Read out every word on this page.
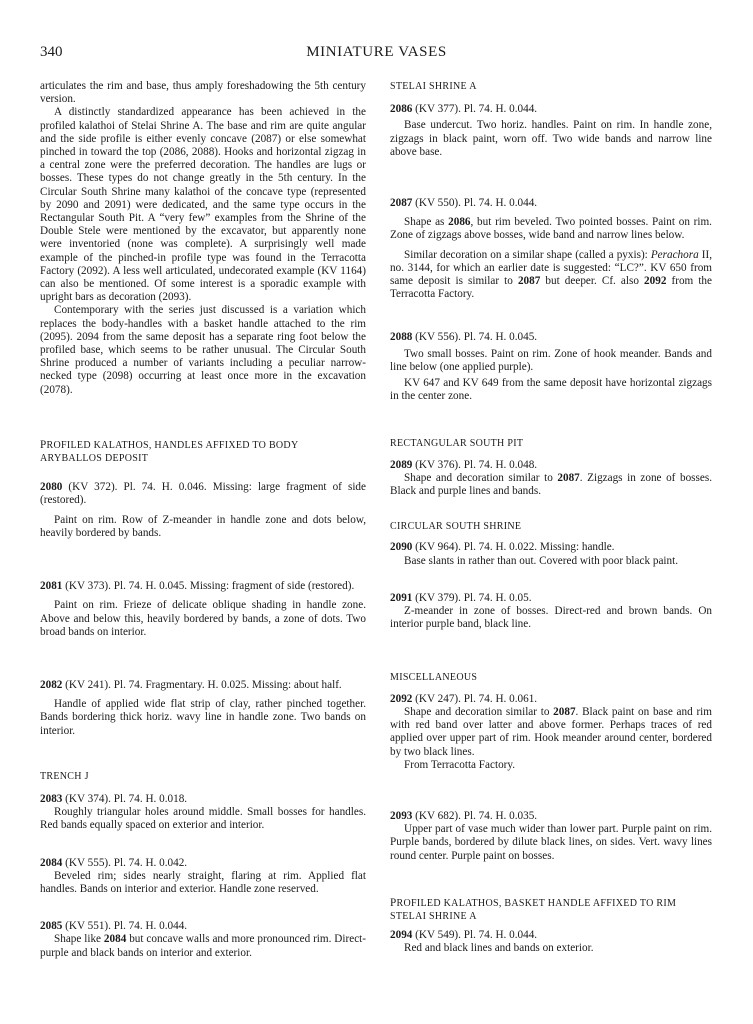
340	MINIATURE VASES

articulates the rim and base, thus amply foreshadowing the 5th century version.

A distinctly standardized appearance has been achieved in the profiled kalathoi of Stelai Shrine A. The base and rim are quite angular and the side profile is either evenly concave (2087) or else somewhat pinched in toward the top (2086, 2088). Hooks and horizontal zigzag in a central zone were the preferred decoration. The handles are lugs or bosses. These types do not change greatly in the 5th century. In the Circular South Shrine many kalathoi of the concave type (represented by 2090 and 2091) were dedicated, and the same type occurs in the Rectangular South Pit. A “very few” examples from the Shrine of the Double Stele were mentioned by the excavator, but apparently none were inventoried (none was complete). A surprisingly well made example of the pinched-in profile type was found in the Terracotta Factory (2092). A less well articulated, undecorated example (KV 1164) can also be mentioned. Of some interest is a sporadic example with upright bars as decoration (2093).

Contemporary with the series just discussed is a variation which replaces the body-handles with a basket handle attached to the rim (2095). 2094 from the same deposit has a separate ring foot below the profiled base, which seems to be rather unusual. The Circular South Shrine produced a number of variants including a peculiar narrow-necked type (2098) occurring at least once more in the excavation (2078).

PROFILED KALATHOS, HANDLES AFFIXED TO BODY

ARYBALLOS DEPOSIT

2080 (KV 372). Pl. 74. H. 0.046. Missing: large fragment of side (restored).

Paint on rim. Row of Z-meander in handle zone and dots below, heavily bordered by bands.

2081 (KV 373). Pl. 74. H. 0.045. Missing: fragment of side (restored).

Paint on rim. Frieze of delicate oblique shading in handle zone. Above and below this, heavily bordered by bands, a zone of dots. Two broad bands on interior.

2082 (KV 241). Pl. 74. Fragmentary. H. 0.025. Missing: about half.

Handle of applied wide flat strip of clay, rather pinched together. Bands bordering thick horiz. wavy line in handle zone. Two bands on interior.

TRENCH J

2083 (KV 374). Pl. 74. H. 0.018.

Roughly triangular holes around middle. Small bosses for handles. Red bands equally spaced on exterior and interior.

2084 (KV 555). Pl. 74. H. 0.042.

Beveled rim; sides nearly straight, flaring at rim. Applied flat handles. Bands on interior and exterior. Handle zone reserved.

2085 (KV 551). Pl. 74. H. 0.044.

Shape like 2084 but concave walls and more pronounced rim. Direct-purple and black bands on interior and exterior.

STELAI SHRINE A

2086 (KV 377). Pl. 74. H. 0.044.

Base undercut. Two horiz. handles. Paint on rim. In handle zone, zigzags in black paint, worn off. Two wide bands and narrow line above base.

2087 (KV 550). Pl. 74. H. 0.044.

Shape as 2086, but rim beveled. Two pointed bosses. Paint on rim. Zone of zigzags above bosses, wide band and narrow lines below.

Similar decoration on a similar shape (called a pyxis): Perachora II, no. 3144, for which an earlier date is suggested: “LC?”. KV 650 from same deposit is similar to 2087 but deeper. Cf. also 2092 from the Terracotta Factory.

2088 (KV 556). Pl. 74. H. 0.045.

Two small bosses. Paint on rim. Zone of hook meander. Bands and line below (one applied purple).

KV 647 and KV 649 from the same deposit have horizontal zigzags in the center zone.

RECTANGULAR SOUTH PIT

2089 (KV 376). Pl. 74. H. 0.048.

Shape and decoration similar to 2087. Zigzags in zone of bosses. Black and purple lines and bands.

CIRCULAR SOUTH SHRINE

2090 (KV 964). Pl. 74. H. 0.022. Missing: handle.

Base slants in rather than out. Covered with poor black paint.

2091 (KV 379). Pl. 74. H. 0.05.

Z-meander in zone of bosses. Direct-red and brown bands. On interior purple band, black line.

MISCELLANEOUS

2092 (KV 247). Pl. 74. H. 0.061.

Shape and decoration similar to 2087. Black paint on base and rim with red band over latter and above former. Perhaps traces of red applied over upper part of rim. Hook meander around center, bordered by two black lines.

From Terracotta Factory.

2093 (KV 682). Pl. 74. H. 0.035.

Upper part of vase much wider than lower part. Purple paint on rim. Purple bands, bordered by dilute black lines, on sides. Vert. wavy lines round center. Purple paint on bosses.

PROFILED KALATHOS, BASKET HANDLE AFFIXED TO RIM

STELAI SHRINE A

2094 (KV 549). Pl. 74. H. 0.044.

Red and black lines and bands on exterior.
